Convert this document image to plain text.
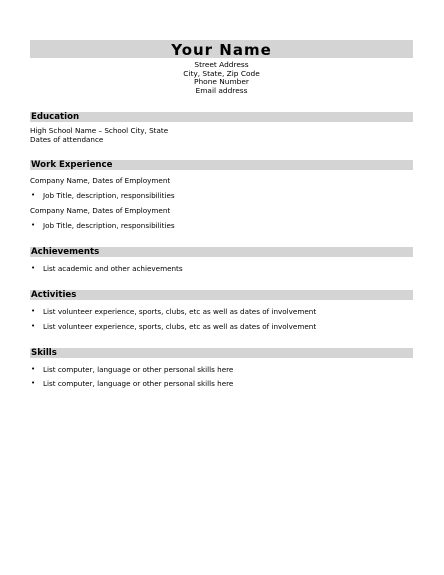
Your Name
Street Address
City, State, Zip Code
Phone Number
Email address
Education
High School Name – School City, State
Dates of attendance
Work Experience
Company Name, Dates of Employment
• Job Title, description, responsibilities
Company Name, Dates of Employment
• Job Title, description, responsibilities
Achievements
• List academic and other achievements
Activities
• List volunteer experience, sports, clubs, etc as well as dates of involvement
• List volunteer experience, sports, clubs, etc as well as dates of involvement
Skills
• List computer, language or other personal skills here
• List computer, language or other personal skills here
